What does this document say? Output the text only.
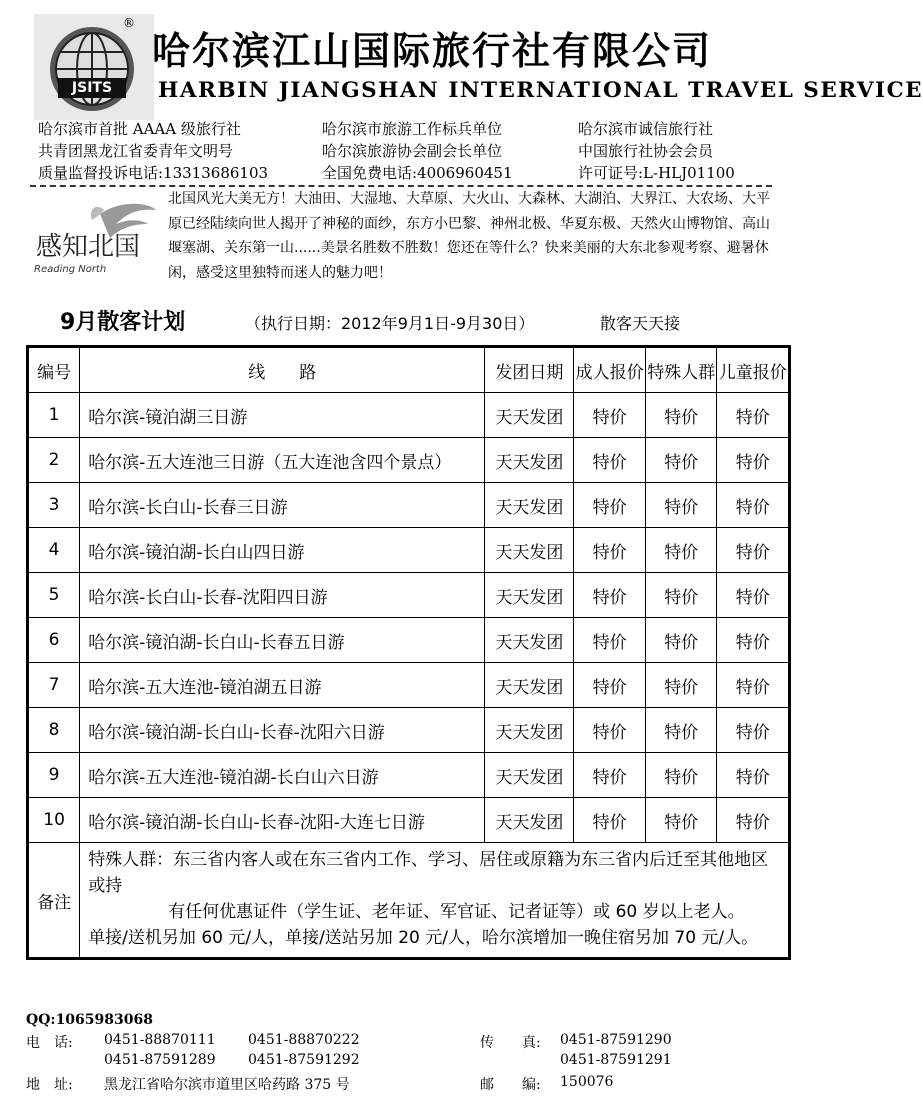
JSITS
®
哈尔滨江山国际旅行社有限公司
HARBIN JIANGSHAN INTERNATIONAL TRAVEL SERVICE
哈尔滨市首批 AAAA 级旅行社	哈尔滨市旅游工作标兵单位	哈尔滨市诚信旅行社
共青团黑龙江省委青年文明号	哈尔滨旅游协会副会长单位	中国旅行社协会会员
质量监督投诉电话:13313686103	全国免费电话:4006960451	许可证号:L-HLJ01100
感知北国
Reading North
北国风光大美无方！大油田、大湿地、大草原、大火山、大森林、大湖泊、大界江、大农场、大平原已经陆续向世人揭开了神秘的面纱，东方小巴黎、神州北极、华夏东极、天然火山博物馆、高山堰塞湖、关东第一山......美景名胜数不胜数！您还在等什么？快来美丽的大东北参观考察、避暑休闲，感受这里独特而迷人的魅力吧！
9月散客计划	（执行日期：2012年9月1日-9月30日）	散客天天接
编号	线　　路	发团日期	成人报价	特殊人群	儿童报价
1	哈尔滨-镜泊湖三日游	天天发团	特价	特价	特价
2	哈尔滨-五大连池三日游（五大连池含四个景点）	天天发团	特价	特价	特价
3	哈尔滨-长白山-长春三日游	天天发团	特价	特价	特价
4	哈尔滨-镜泊湖-长白山四日游	天天发团	特价	特价	特价
5	哈尔滨-长白山-长春-沈阳四日游	天天发团	特价	特价	特价
6	哈尔滨-镜泊湖-长白山-长春五日游	天天发团	特价	特价	特价
7	哈尔滨-五大连池-镜泊湖五日游	天天发团	特价	特价	特价
8	哈尔滨-镜泊湖-长白山-长春-沈阳六日游	天天发团	特价	特价	特价
9	哈尔滨-五大连池-镜泊湖-长白山六日游	天天发团	特价	特价	特价
10	哈尔滨-镜泊湖-长白山-长春-沈阳-大连七日游	天天发团	特价	特价	特价
备注	特殊人群：东三省内客人或在东三省内工作、学习、居住或原籍为东三省内后迁至其他地区或持
有任何优惠证件（学生证、老年证、军官证、记者证等）或 60 岁以上老人。
单接/送机另加 60 元/人，单接/送站另加 20 元/人，哈尔滨增加一晚住宿另加 70 元/人。				
QQ:1065983068
电　话: 0451-88870111 0451-88870222
0451-87591289 0451-87591292
传　　真: 0451-87591290
0451-87591291
地　址: 黑龙江省哈尔滨市道里区哈药路 375 号	邮　　编: 150076
